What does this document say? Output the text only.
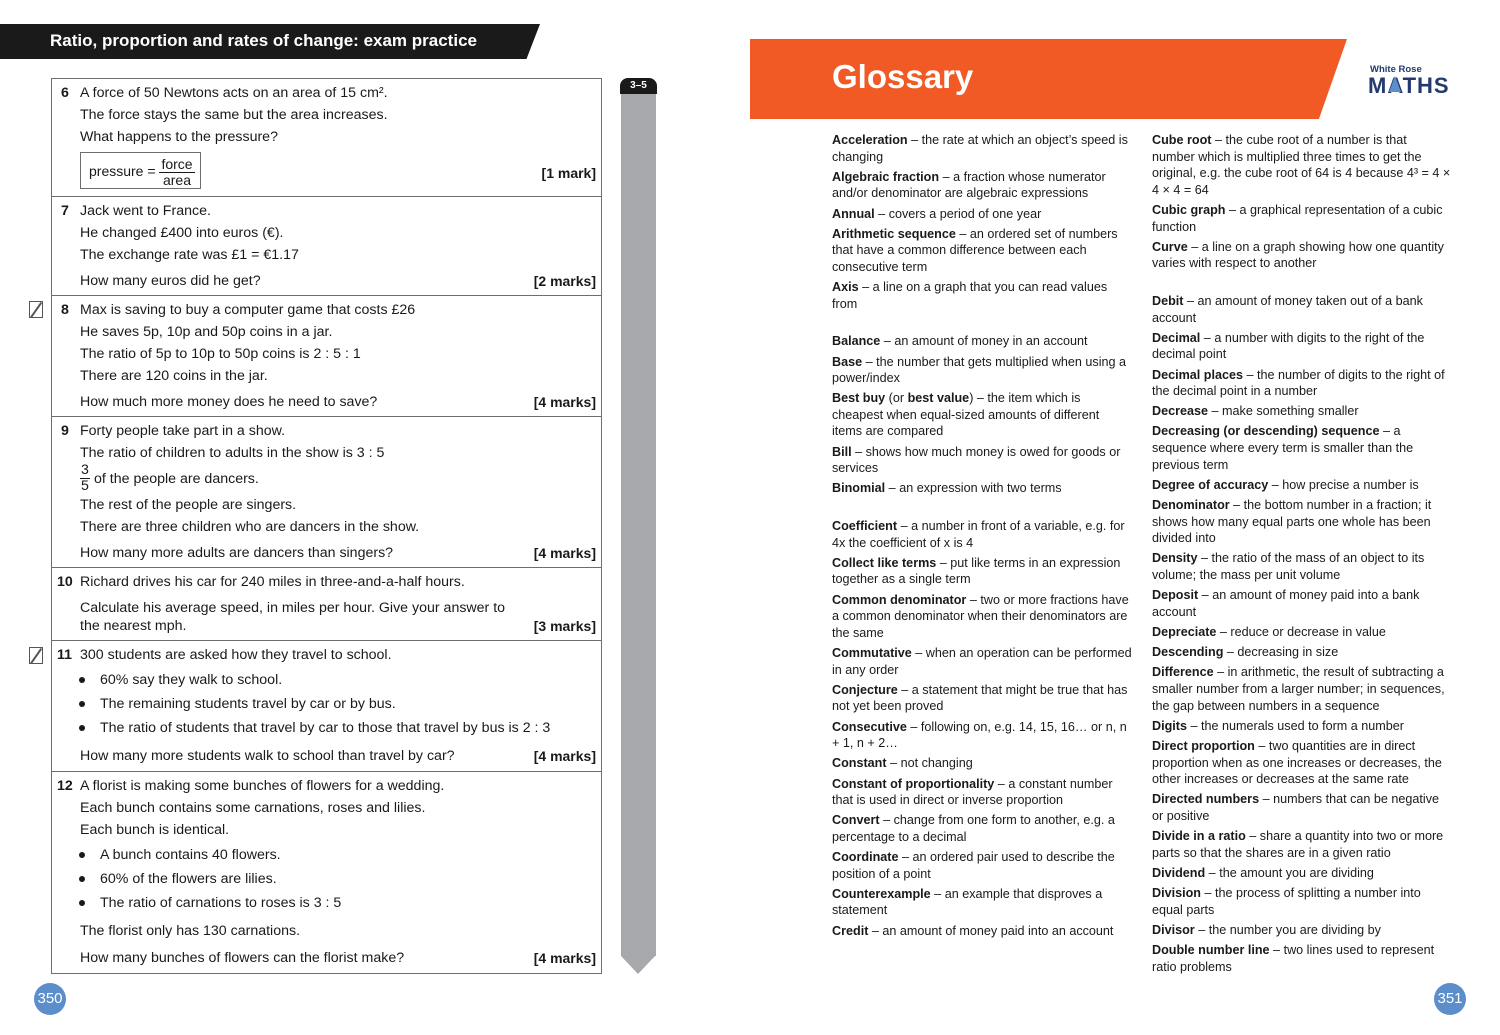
Ratio, proportion and rates of change: exam practice
6 A force of 50 Newtons acts on an area of 15 cm².
The force stays the same but the area increases.
What happens to the pressure?
pressure = $\frac{\text{force}}{\text{area}}$	[1 mark]
7 Jack went to France.
He changed £400 into euros (€).
The exchange rate was £1 = €1.17
How many euros did he get?	[2 marks]
8 Max is saving to buy a computer game that costs £26
He saves 5p, 10p and 50p coins in a jar.
The ratio of 5p to 10p to 50p coins is 2 : 5 : 1
There are 120 coins in the jar.
How much more money does he need to save?	[4 marks]
9 Forty people take part in a show.
The ratio of children to adults in the show is 3 : 5
$\frac{3}{5}$ of the people are dancers.
The rest of the people are singers.
There are three children who are dancers in the show.
How many more adults are dancers than singers?	[4 marks]
10 Richard drives his car for 240 miles in three-and-a-half hours.
Calculate his average speed, in miles per hour. Give your answer to
the nearest mph.	[3 marks]
11 300 students are asked how they travel to school.
60% say they walk to school.
The remaining students travel by car or by bus.
The ratio of students that travel by car to those that travel by bus is 2 : 3
How many more students walk to school than travel by car?	[4 marks]
12 A florist is making some bunches of flowers for a wedding.
Each bunch contains some carnations, roses and lilies.
Each bunch is identical.
A bunch contains 40 flowers.
60% of the flowers are lilies.
The ratio of carnations to roses is 3 : 5
The florist only has 130 carnations.
How many bunches of flowers can the florist make?	[4 marks]
3–5
350
Glossary	White Rose
MATHS

Acceleration – the rate at which an object’s speed is changing

Algebraic fraction – a fraction whose numerator and/or denominator are algebraic expressions

Annual – covers a period of one year

Arithmetic sequence – an ordered set of numbers that have a common difference between each consecutive term

Axis – a line on a graph that you can read values from

Balance – an amount of money in an account

Base – the number that gets multiplied when using a power/index

Best buy (or best value) – the item which is cheapest when equal-sized amounts of different items are compared

Bill – shows how much money is owed for goods or services

Binomial – an expression with two terms

Coefficient – a number in front of a variable, e.g. for 4x the coefficient of x is 4

Collect like terms – put like terms in an expression together as a single term

Common denominator – two or more fractions have a common denominator when their denominators are the same

Commutative – when an operation can be performed in any order

Conjecture – a statement that might be true that has not yet been proved

Consecutive – following on, e.g. 14, 15, 16… or n, n + 1, n + 2…

Constant – not changing

Constant of proportionality – a constant number that is used in direct or inverse proportion

Convert – change from one form to another, e.g. a percentage to a decimal

Coordinate – an ordered pair used to describe the position of a point

Counterexample – an example that disproves a statement

Credit – an amount of money paid into an account

Cube root – the cube root of a number is that number which is multiplied three times to get the original, e.g. the cube root of 64 is 4 because 4³ = 4 × 4 × 4 = 64

Cubic graph – a graphical representation of a cubic function

Curve – a line on a graph showing how one quantity varies with respect to another

Debit – an amount of money taken out of a bank account

Decimal – a number with digits to the right of the decimal point

Decimal places – the number of digits to the right of the decimal point in a number

Decrease – make something smaller

Decreasing (or descending) sequence – a sequence where every term is smaller than the previous term

Degree of accuracy – how precise a number is

Denominator – the bottom number in a fraction; it shows how many equal parts one whole has been divided into

Density – the ratio of the mass of an object to its volume; the mass per unit volume

Deposit – an amount of money paid into a bank account

Depreciate – reduce or decrease in value

Descending – decreasing in size

Difference – in arithmetic, the result of subtracting a smaller number from a larger number; in sequences, the gap between numbers in a sequence

Digits – the numerals used to form a number

Direct proportion – two quantities are in direct proportion when as one increases or decreases, the other increases or decreases at the same rate

Directed numbers – numbers that can be negative or positive

Divide in a ratio – share a quantity into two or more parts so that the shares are in a given ratio

Dividend – the amount you are dividing

Division – the process of splitting a number into equal parts

Divisor – the number you are dividing by

Double number line – two lines used to represent ratio problems

351
